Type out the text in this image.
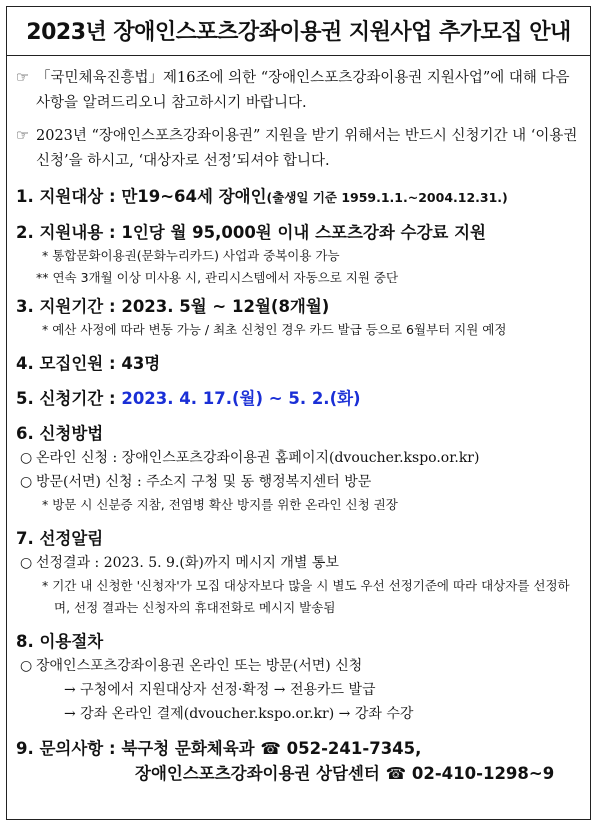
2023년 장애인스포츠강좌이용권 지원사업 추가모집 안내
☞ 「국민체육진흥법」제16조에 의한 “장애인스포츠강좌이용권 지원사업”에 대해 다음 사항을 알려드리오니 참고하시기 바랍니다.
☞ 2023년 “장애인스포츠강좌이용권” 지원을 받기 위해서는 반드시 신청기간 내 ‘이용권 신청’을 하시고, ‘대상자로 선정’되셔야 합니다.
1. 지원대상 : 만19~64세 장애인(출생일 기준 1959.1.1.~2004.12.31.)
2. 지원내용 : 1인당 월 95,000원 이내 스포츠강좌 수강료 지원
* 통합문화이용권(문화누리카드) 사업과 중복이용 가능
** 연속 3개월 이상 미사용 시, 관리시스템에서 자동으로 지원 중단
3. 지원기간 : 2023. 5월 ~ 12월(8개월)
* 예산 사정에 따라 변동 가능 / 최초 신청인 경우 카드 발급 등으로 6월부터 지원 예정
4. 모집인원 : 43명
5. 신청기간 : 2023. 4. 17.(월) ~ 5. 2.(화)
6. 신청방법
○ 온라인 신청 : 장애인스포츠강좌이용권 홈페이지(dvoucher.kspo.or.kr)
○ 방문(서면) 신청 : 주소지 구청 및 동 행정복지센터 방문
* 방문 시 신분증 지참, 전염병 확산 방지를 위한 온라인 신청 권장
7. 선정알림
○ 선정결과 : 2023. 5. 9.(화)까지 메시지 개별 통보
* 기간 내 신청한 '신청자'가 모집 대상자보다 많을 시 별도 우선 선정기준에 따라 대상자를 선정하며, 선정 결과는 신청자의 휴대전화로 메시지 발송됨
8. 이용절차
○ 장애인스포츠강좌이용권 온라인 또는 방문(서면) 신청
→ 구청에서 지원대상자 선정·확정 → 전용카드 발급
→ 강좌 온라인 결제(dvoucher.kspo.or.kr) → 강좌 수강
9. 문의사항 : 북구청 문화체육과 ☎ 052-241-7345,
장애인스포츠강좌이용권 상담센터 ☎ 02-410-1298~9
